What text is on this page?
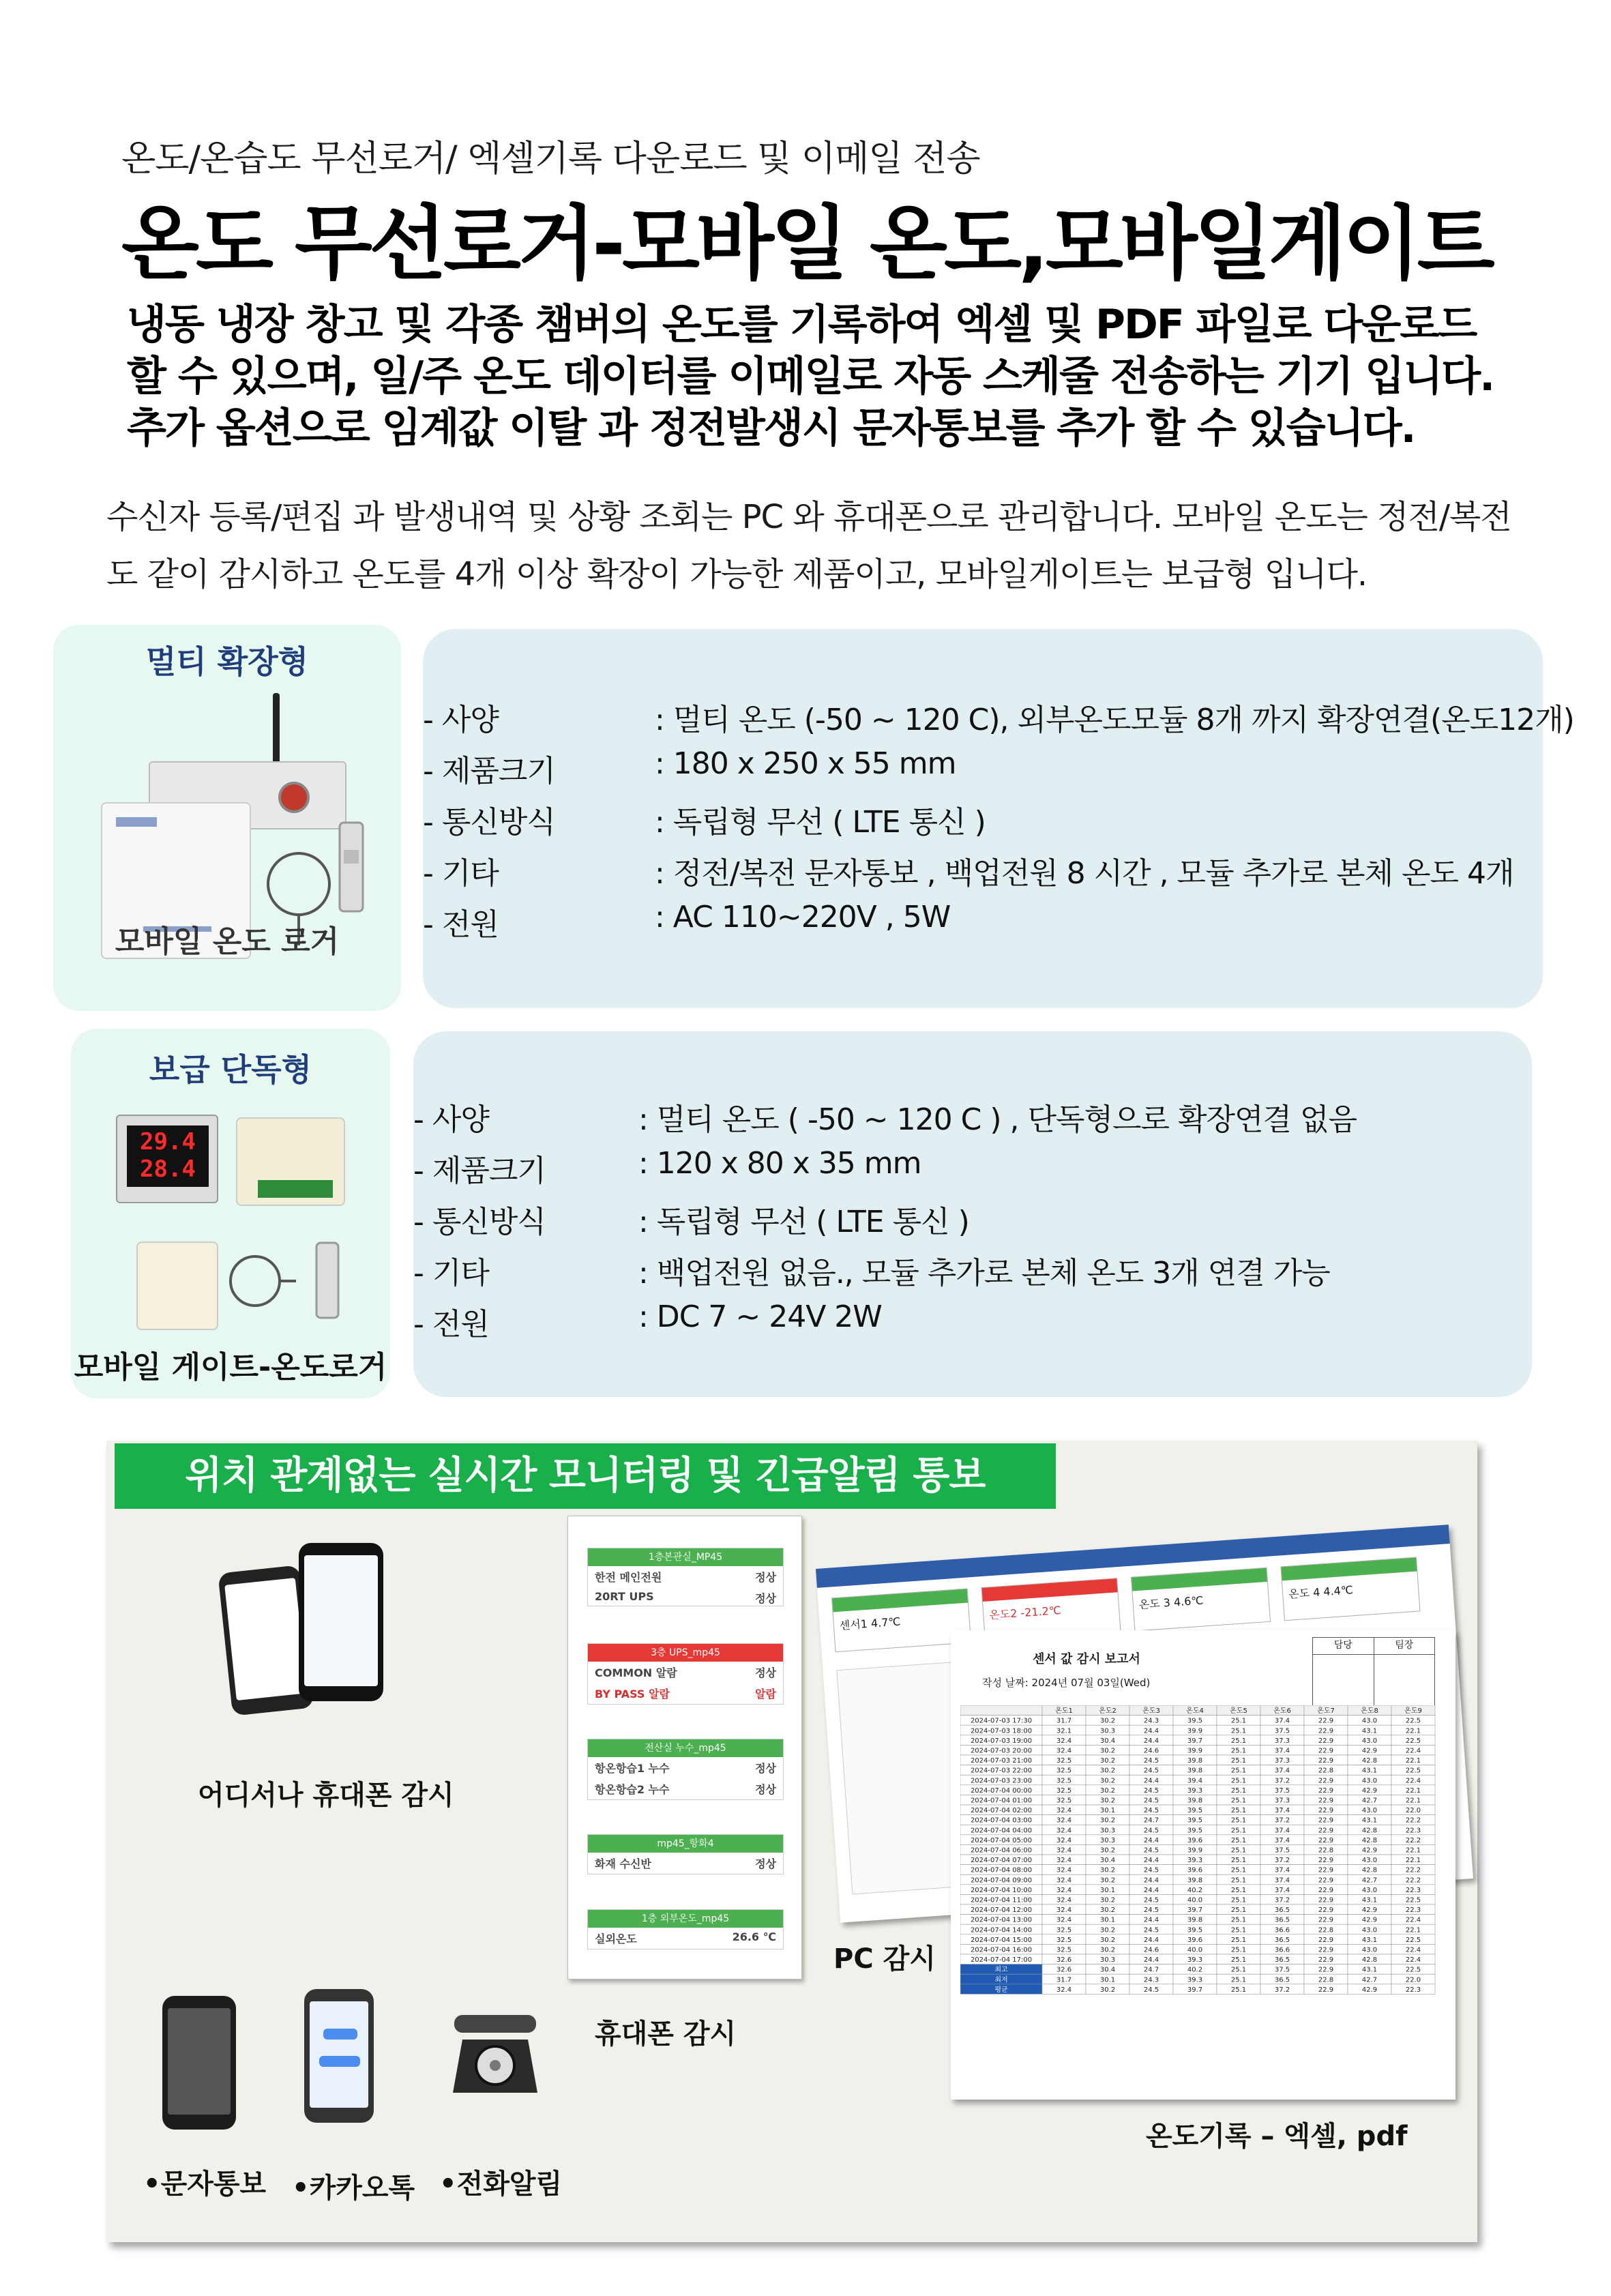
온도/온습도 무선로거/ 엑셀기록 다운로드 및 이메일 전송
온도 무선로거-모바일 온도,모바일게이트
냉동 냉장 창고 및 각종 챔버의 온도를 기록하여 엑셀 및 PDF 파일로 다운로드 할 수 있으며, 일/주 온도 데이터를 이메일로 자동 스케줄 전송하는 기기 입니다. 추가 옵션으로 임계값 이탈 과 정전발생시 문자통보를 추가 할 수 있습니다.
수신자 등록/편집 과 발생내역 및 상황 조회는 PC 와 휴대폰으로 관리합니다. 모바일 온도는 정전/복전도 같이 감시하고 온도를 4개 이상 확장이 가능한 제품이고, 모바일게이트는 보급형 입니다.
멀티 확장형
모바일 온도 로거
- 사양	: 멀티 온도 (-50 ~ 120 C), 외부온도모듈 8개 까지 확장연결(온도12개)
- 제품크기	: 180 x 250 x 55 mm
- 통신방식	: 독립형 무선 ( LTE 통신 )
- 기타	: 정전/복전 문자통보 , 백업전원 8 시간 , 모듈 추가로 본체 온도 4개
- 전원	: AC 110~220V , 5W
보급 단독형
29.4
28.4
모바일 게이트-온도로거
- 사양	: 멀티 온도 ( -50 ~ 120 C ) , 단독형으로 확장연결 없음
- 제품크기	: 120 x 80 x 35 mm
- 통신방식	: 독립형 무선 ( LTE 통신 )
- 기타	: 백업전원 없음., 모듈 추가로 본체 온도 3개 연결 가능
- 전원	: DC 7 ~ 24V 2W
위치 관계없는 실시간 모니터링 및 긴급알림 통보
어디서나 휴대폰 감시
1층본관실_MP45
한전 메인전원	정상
20RT UPS	정상
3층 UPS_mp45
COMMON 알람	정상
BY PASS 알람	알람
전산실 누수_mp45
항온항습1 누수	정상
항온항습2 누수	정상
mp45_항화4
화재 수신반	정상
1층 외부온도_mp45
실외온도	26.6 ℃
휴대폰 감시
센서1 4.7℃
온도2 -21.2℃
온도 3 4.6℃
온도 4 4.4℃
PC 감시
센서 값 감시 보고서
작성 날짜: 2024년 07월 03일(Wed)
담당	팀장
온도1	온도2	온도3	온도4	온도5	온도6	온도7	온도8	온도9
2024-07-03 17:30	31.7	30.2	24.3	39.5	25.1	37.4	22.9	43.0	22.5
2024-07-03 18:00	32.1	30.3	24.4	39.9	25.1	37.5	22.9	43.1	22.1
2024-07-03 19:00	32.4	30.4	24.4	39.7	25.1	37.3	22.9	43.0	22.5
2024-07-03 20:00	32.4	30.2	24.6	39.9	25.1	37.4	22.9	42.9	22.4
2024-07-03 21:00	32.5	30.2	24.5	39.8	25.1	37.3	22.9	42.8	22.1
2024-07-03 22:00	32.5	30.2	24.5	39.8	25.1	37.4	22.8	43.1	22.5
2024-07-03 23:00	32.5	30.2	24.4	39.4	25.1	37.2	22.9	43.0	22.4
2024-07-04 00:00	32.5	30.2	24.5	39.3	25.1	37.5	22.9	42.9	22.1
2024-07-04 01:00	32.5	30.2	24.5	39.8	25.1	37.3	22.9	42.7	22.1
2024-07-04 02:00	32.4	30.1	24.5	39.5	25.1	37.4	22.9	43.0	22.0
2024-07-04 03:00	32.4	30.2	24.7	39.5	25.1	37.2	22.9	43.1	22.2
2024-07-04 04:00	32.4	30.3	24.5	39.5	25.1	37.4	22.9	42.8	22.3
2024-07-04 05:00	32.4	30.3	24.4	39.6	25.1	37.4	22.9	42.8	22.2
2024-07-04 06:00	32.4	30.2	24.5	39.9	25.1	37.5	22.8	42.9	22.1
2024-07-04 07:00	32.4	30.4	24.4	39.3	25.1	37.2	22.9	43.0	22.1
2024-07-04 08:00	32.4	30.2	24.5	39.6	25.1	37.4	22.9	42.8	22.2
2024-07-04 09:00	32.4	30.2	24.4	39.8	25.1	37.4	22.9	42.7	22.2
2024-07-04 10:00	32.4	30.1	24.4	40.2	25.1	37.4	22.9	43.0	22.3
2024-07-04 11:00	32.4	30.2	24.5	40.0	25.1	37.2	22.9	43.1	22.5
2024-07-04 12:00	32.4	30.2	24.5	39.7	25.1	36.5	22.9	42.9	22.3
2024-07-04 13:00	32.4	30.1	24.4	39.8	25.1	36.5	22.9	42.9	22.4
2024-07-04 14:00	32.5	30.2	24.5	39.5	25.1	36.6	22.8	43.0	22.1
2024-07-04 15:00	32.5	30.2	24.4	39.6	25.1	36.5	22.9	43.1	22.5
2024-07-04 16:00	32.5	30.2	24.6	40.0	25.1	36.6	22.9	43.0	22.4
2024-07-04 17:00	32.6	30.3	24.4	39.3	25.1	36.5	22.9	42.8	22.4
최고	32.6	30.4	24.7	40.2	25.1	37.5	22.9	43.1	22.5
최저	31.7	30.1	24.3	39.3	25.1	36.5	22.8	42.7	22.0
평균	32.4	30.2	24.5	39.7	25.1	37.2	22.9	42.9	22.3
온도기록 – 엑셀, pdf
•문자통보 •카카오톡 •전화알림
